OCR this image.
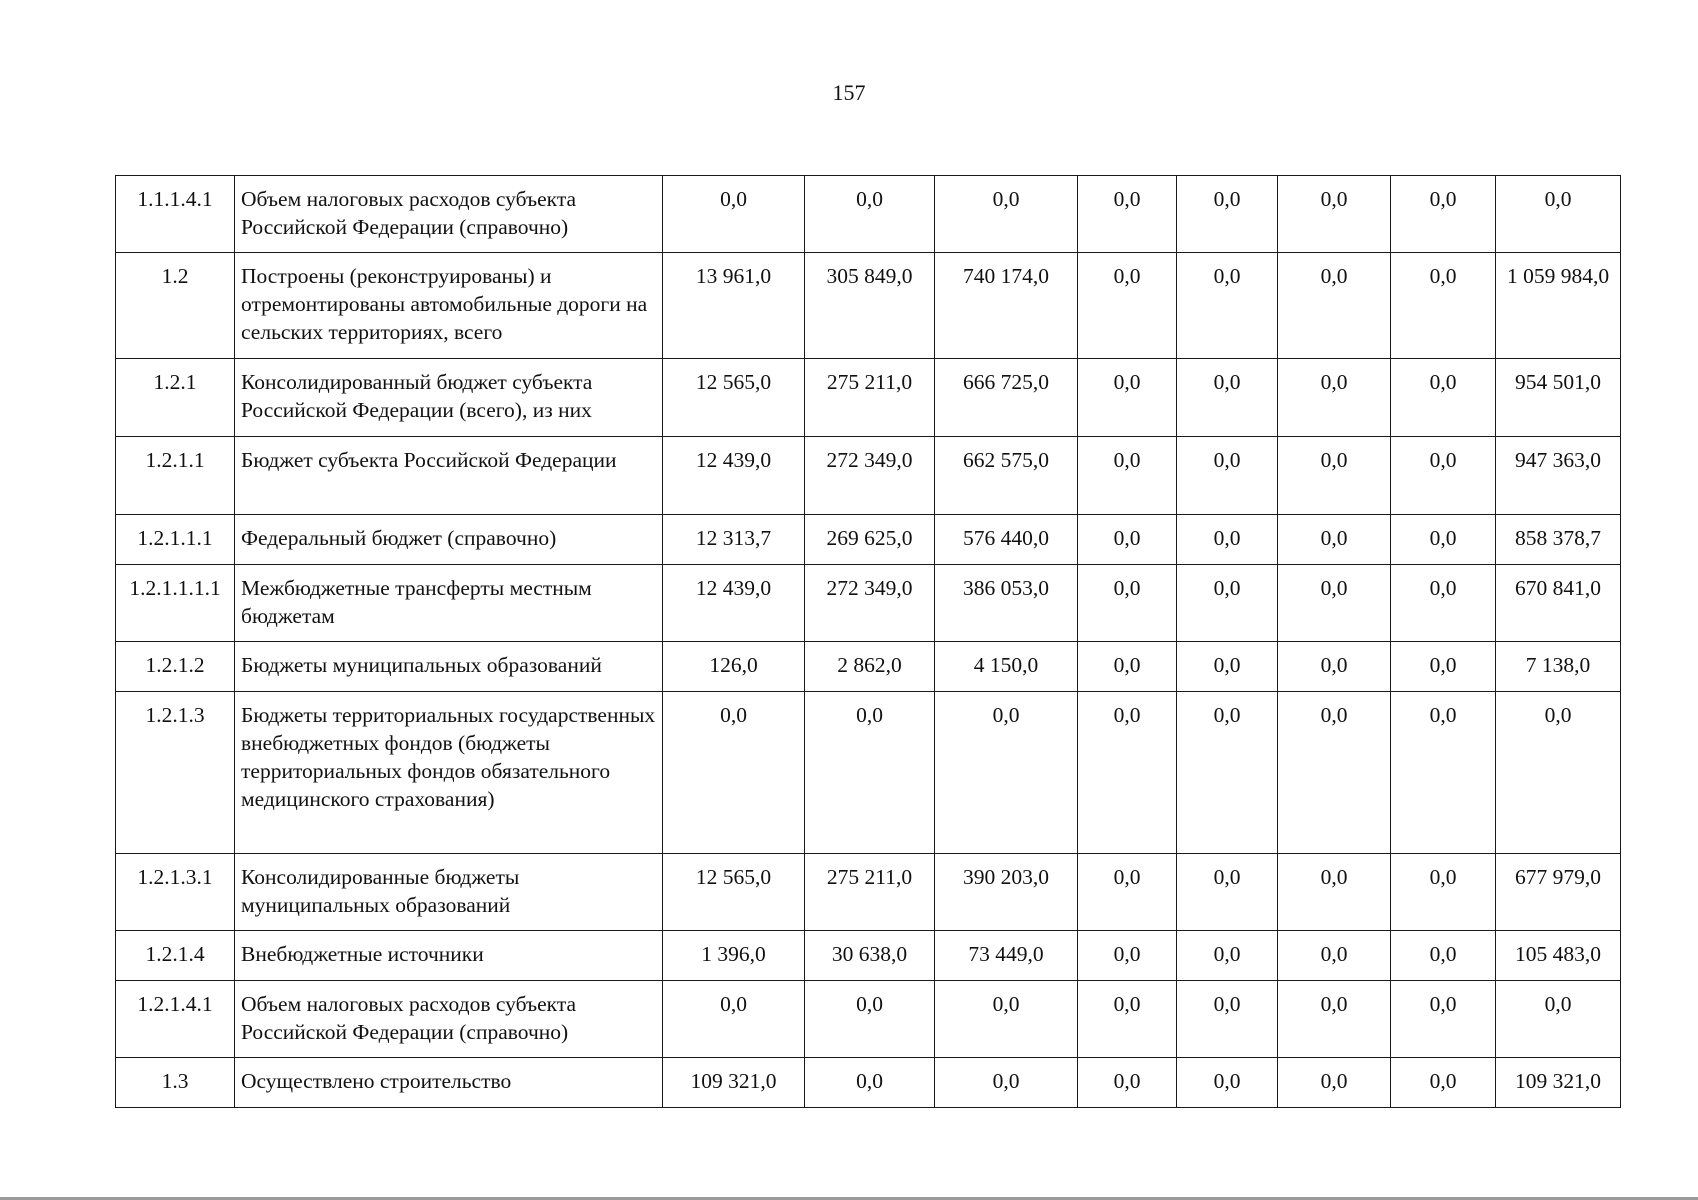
157
1.1.1.4.1	Объем налоговых расходов субъекта Российской Федерации (справочно)	0,0	0,0	0,0	0,0	0,0	0,0	0,0	0,0
1.2	Построены (реконструированы) и отремонтированы автомобильные дороги на сельских территориях, всего	13 961,0	305 849,0	740 174,0	0,0	0,0	0,0	0,0	1 059 984,0
1.2.1	Консолидированный бюджет субъекта Российской Федерации (всего), из них	12 565,0	275 211,0	666 725,0	0,0	0,0	0,0	0,0	954 501,0
1.2.1.1	Бюджет субъекта Российской Федерации	12 439,0	272 349,0	662 575,0	0,0	0,0	0,0	0,0	947 363,0
1.2.1.1.1	Федеральный бюджет (справочно)	12 313,7	269 625,0	576 440,0	0,0	0,0	0,0	0,0	858 378,7
1.2.1.1.1.1	Межбюджетные трансферты местным бюджетам	12 439,0	272 349,0	386 053,0	0,0	0,0	0,0	0,0	670 841,0
1.2.1.2	Бюджеты муниципальных образований	126,0	2 862,0	4 150,0	0,0	0,0	0,0	0,0	7 138,0
1.2.1.3	Бюджеты территориальных государственных внебюджетных фондов (бюджеты территориальных фондов обязательного медицинского страхования)	0,0	0,0	0,0	0,0	0,0	0,0	0,0	0,0
1.2.1.3.1	Консолидированные бюджеты муниципальных образований	12 565,0	275 211,0	390 203,0	0,0	0,0	0,0	0,0	677 979,0
1.2.1.4	Внебюджетные источники	1 396,0	30 638,0	73 449,0	0,0	0,0	0,0	0,0	105 483,0
1.2.1.4.1	Объем налоговых расходов субъекта Российской Федерации (справочно)	0,0	0,0	0,0	0,0	0,0	0,0	0,0	0,0
1.3	Осуществлено строительство	109 321,0	0,0	0,0	0,0	0,0	0,0	0,0	109 321,0
